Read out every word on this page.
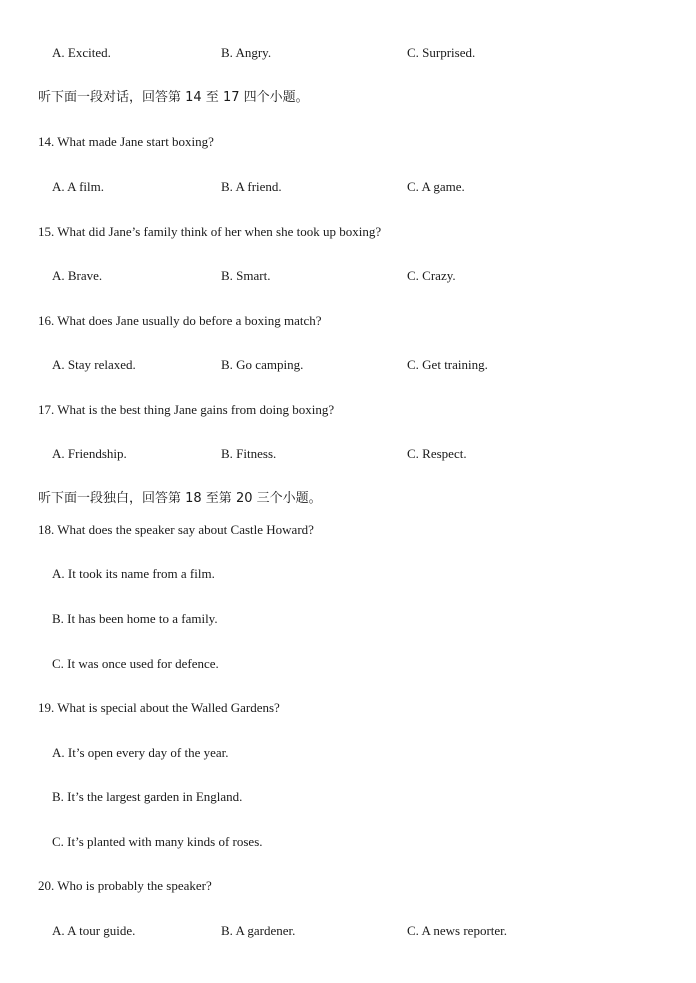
A. Excited.	B. Angry.	C. Surprised.
听下面一段对话，回答第 14 至 17 四个小题。
14. What made Jane start boxing?
A. A film.	B. A friend.	C. A game.
15. What did Jane’s family think of her when she took up boxing?
A. Brave.	B. Smart.	C. Crazy.
16. What does Jane usually do before a boxing match?
A. Stay relaxed.	B. Go camping.	C. Get training.
17. What is the best thing Jane gains from doing boxing?
A. Friendship.	B. Fitness.	C. Respect.
听下面一段独白，回答第 18 至第 20 三个小题。
18. What does the speaker say about Castle Howard?
A. It took its name from a film.
B. It has been home to a family.
C. It was once used for defence.
19. What is special about the Walled Gardens?
A. It’s open every day of the year.
B. It’s the largest garden in England.
C. It’s planted with many kinds of roses.
20. Who is probably the speaker?
A. A tour guide.	B. A gardener.	C. A news reporter.
